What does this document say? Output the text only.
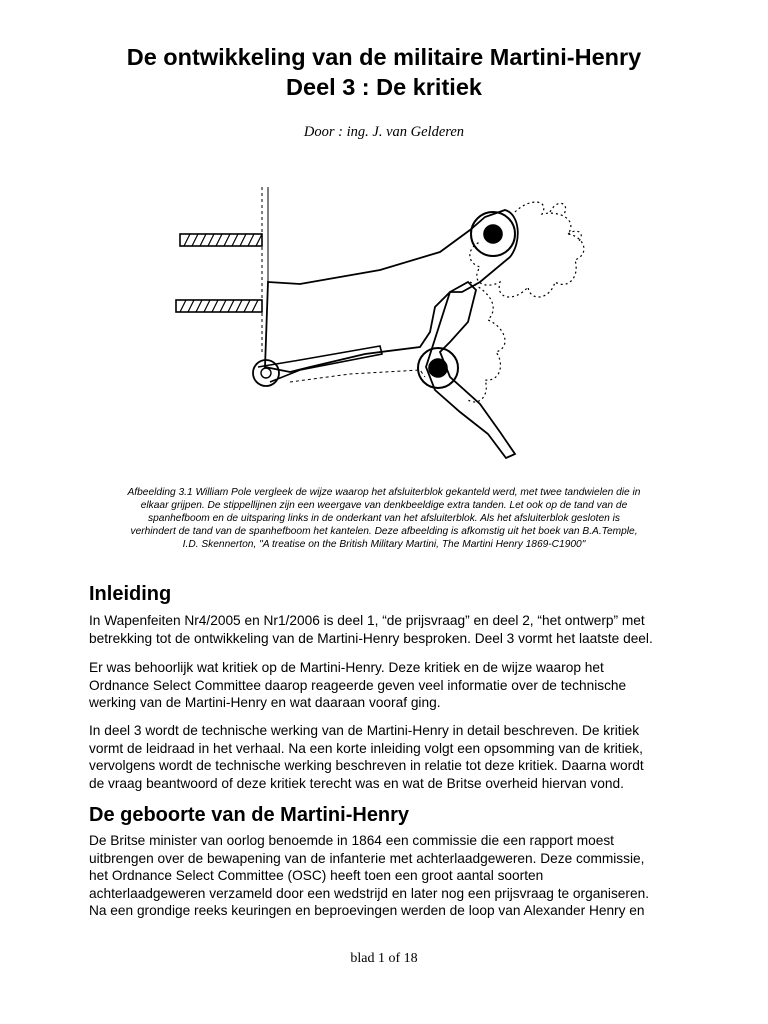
De ontwikkeling van de militaire Martini-Henry
Deel 3 : De kritiek
Door : ing. J. van Gelderen
Afbeelding 3.1 William Pole vergleek de wijze waarop het afsluiterblok gekanteld werd, met twee tandwielen die in
elkaar grijpen. De stippellijnen zijn een weergave van denkbeeldige extra tanden. Let ook op de tand van de
spanhefboom en de uitsparing links in de onderkant van het afsluiterblok. Als het afsluiterblok gesloten is
verhindert de tand van de spanhefboom het kantelen. Deze afbeelding is afkomstig uit het boek van B.A.Temple,
I.D. Skennerton, "A treatise on the British Military Martini, The Martini Henry 1869-C1900"
Inleiding
In Wapenfeiten Nr4/2005 en Nr1/2006 is deel 1, “de prijsvraag” en deel 2, “het ontwerp” met
betrekking tot de ontwikkeling van de Martini-Henry besproken. Deel 3 vormt het laatste deel.
Er was behoorlijk wat kritiek op de Martini-Henry. Deze kritiek en de wijze waarop het
Ordnance Select Committee daarop reageerde geven veel informatie over de technische
werking van de Martini-Henry en wat daaraan vooraf ging.
In deel 3 wordt de technische werking van de Martini-Henry in detail beschreven. De kritiek
vormt de leidraad in het verhaal. Na een korte inleiding volgt een opsomming van de kritiek,
vervolgens wordt de technische werking beschreven in relatie tot deze kritiek. Daarna wordt
de vraag beantwoord of deze kritiek terecht was en wat de Britse overheid hiervan vond.
De geboorte van de Martini-Henry
De Britse minister van oorlog benoemde in 1864 een commissie die een rapport moest
uitbrengen over de bewapening van de infanterie met achterlaadgeweren. Deze commissie,
het Ordnance Select Committee (OSC) heeft toen een groot aantal soorten
achterlaadgeweren verzameld door een wedstrijd en later nog een prijsvraag te organiseren.
Na een grondige reeks keuringen en beproevingen werden de loop van Alexander Henry en
blad 1 of 18
